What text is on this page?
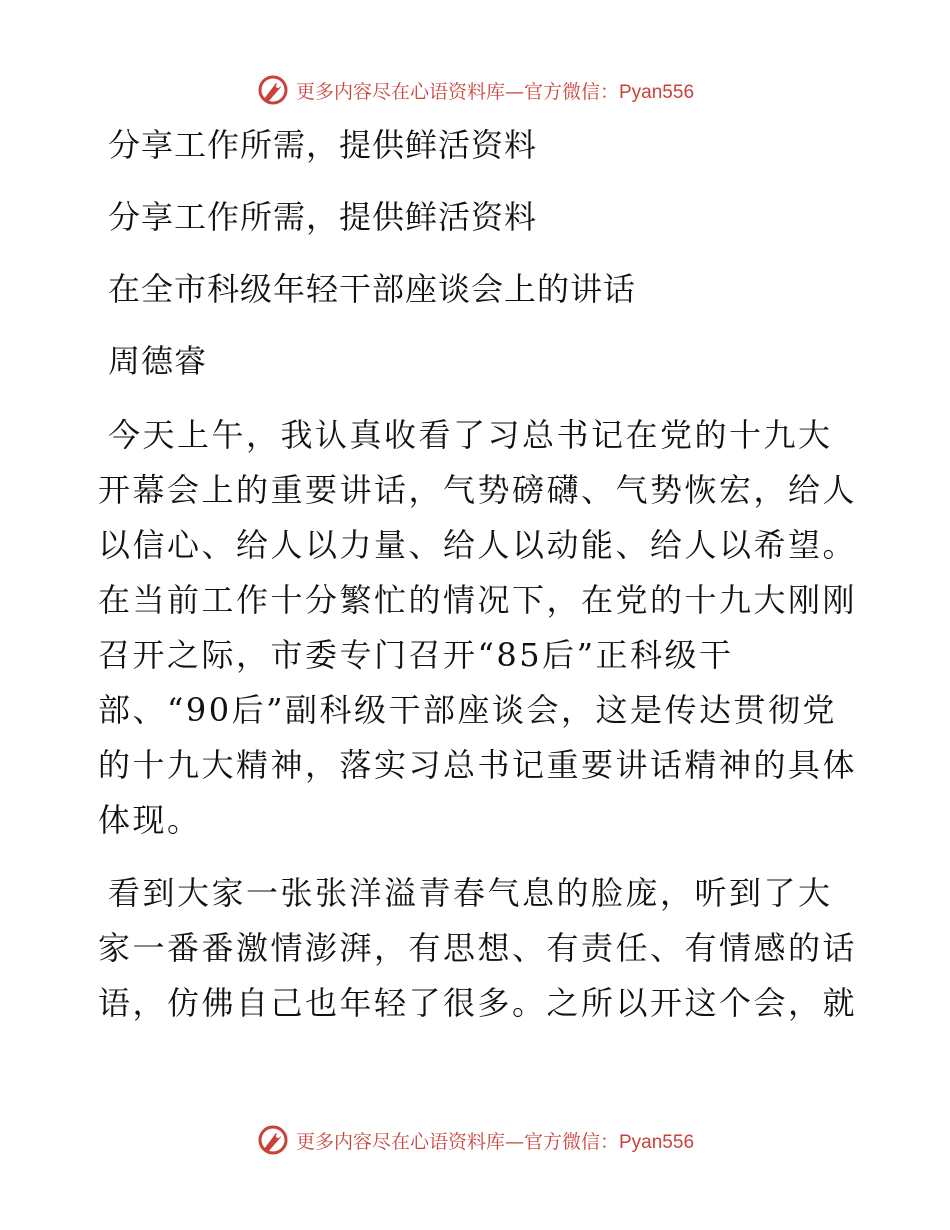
更多内容尽在心语资料库—官方微信：Pyan556

分享工作所需，提供鲜活资料

分享工作所需，提供鲜活资料

在全市科级年轻干部座谈会上的讲话

周德睿

今天上午，我认真收看了习总书记在党的十九大
开幕会上的重要讲话，气势磅礴、气势恢宏，给人
以信心、给人以力量、给人以动能、给人以希望。
在当前工作十分繁忙的情况下，在党的十九大刚刚
召开之际，市委专门召开“85后”正科级干
部、“90后”副科级干部座谈会，这是传达贯彻党
的十九大精神，落实习总书记重要讲话精神的具体
体现。

看到大家一张张洋溢青春气息的脸庞，听到了大
家一番番激情澎湃，有思想、有责任、有情感的话
语，仿佛自己也年轻了很多。之所以开这个会，就

更多内容尽在心语资料库—官方微信：Pyan556
